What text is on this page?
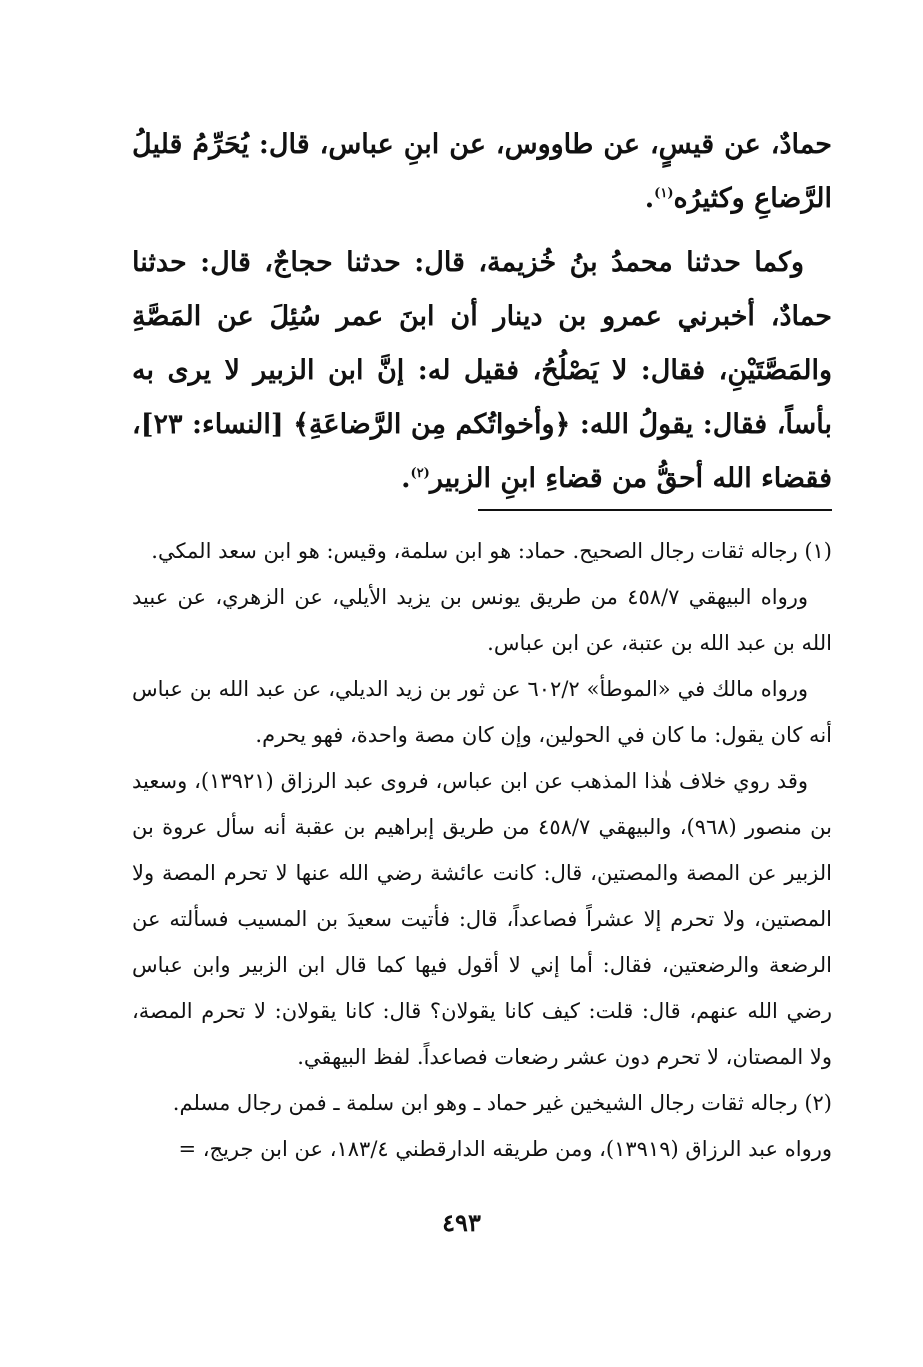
حمادٌ، عن قيسٍ، عن طاووس، عن ابنِ عباس، قال: يُحَرِّمُ قليلُ الرَّضاعِ وكثيرُه$^{(١)}$.

وكما حدثنا محمدُ بنُ خُزيمة، قال: حدثنا حجاجٌ، قال: حدثنا حمادٌ، أخبرني عمرو بن دينار أن ابنَ عمر سُئِلَ عن المَصَّةِ والمَصَّتَيْنِ، فقال: لا يَصْلُحُ، فقيل له: إنَّ ابن الزبير لا يرى به بأساً، فقال: يقولُ الله: ﴿وأخواتُكم مِن الرَّضاعَةِ﴾ [النساء: ٢٣]، فقضاء الله أحقُّ من قضاءِ ابنِ الزبير$^{(٢)}$.

(١) رجاله ثقات رجال الصحيح. حماد: هو ابن سلمة، وقيس: هو ابن سعد المكي.

ورواه البيهقي ٤٥٨/٧ من طريق يونس بن يزيد الأيلي، عن الزهري، عن عبيد الله بن عبد الله بن عتبة، عن ابن عباس.

ورواه مالك في «الموطأ» ٦٠٢/٢ عن ثور بن زيد الديلي، عن عبد الله بن عباس أنه كان يقول: ما كان في الحولين، وإن كان مصة واحدة، فهو يحرم.

وقد روي خلاف هٰذا المذهب عن ابن عباس، فروى عبد الرزاق (١٣٩٢١)، وسعيد بن منصور (٩٦٨)، والبيهقي ٤٥٨/٧ من طريق إبراهيم بن عقبة أنه سأل عروة بن الزبير عن المصة والمصتين، قال: كانت عائشة رضي الله عنها لا تحرم المصة ولا المصتين، ولا تحرم إلا عشراً فصاعداً، قال: فأتيت سعيدَ بن المسيب فسألته عن الرضعة والرضعتين، فقال: أما إني لا أقول فيها كما قال ابن الزبير وابن عباس رضي الله عنهم، قال: قلت: كيف كانا يقولان؟ قال: كانا يقولان: لا تحرم المصة، ولا المصتان، لا تحرم دون عشر رضعات فصاعداً. لفظ البيهقي.

(٢) رجاله ثقات رجال الشيخين غير حماد ـ وهو ابن سلمة ـ فمن رجال مسلم.

ورواه عبد الرزاق (١٣٩١٩)، ومن طريقه الدارقطني ١٨٣/٤، عن ابن جريج، =

٤٩٣
